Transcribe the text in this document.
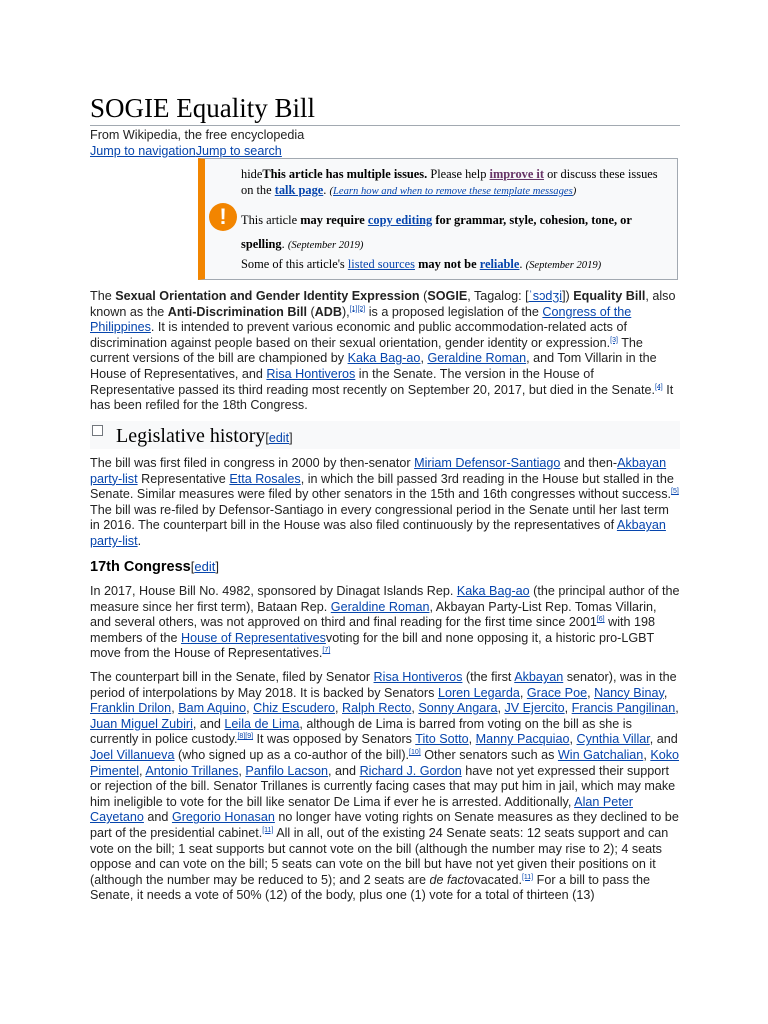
SOGIE Equality Bill
From Wikipedia, the free encyclopedia
Jump to navigationJump to search
!
hideThis article has multiple issues. Please help improve it or discuss these issues on the talk page. (Learn how and when to remove these template messages)
This article may require copy editing for grammar, style, cohesion, tone, or spelling. (September 2019)
Some of this article's listed sources may not be reliable. (September 2019)

The Sexual Orientation and Gender Identity Expression (SOGIE, Tagalog: [ˈsɔdʒi]) Equality Bill, also known as the Anti-Discrimination Bill (ADB),[1][2] is a proposed legislation of the Congress of the Philippines. It is intended to prevent various economic and public accommodation-related acts of discrimination against people based on their sexual orientation, gender identity or expression.[3] The current versions of the bill are championed by Kaka Bag-ao, Geraldine Roman, and Tom Villarin in the House of Representatives, and Risa Hontiveros in the Senate. The version in the House of Representative passed its third reading most recently on September 20, 2017, but died in the Senate.[4] It has been refiled for the 18th Congress.

Legislative history[edit]

The bill was first filed in congress in 2000 by then-senator Miriam Defensor-Santiago and then-Akbayan party-list Representative Etta Rosales, in which the bill passed 3rd reading in the House but stalled in the Senate. Similar measures were filed by other senators in the 15th and 16th congresses without success.[5] The bill was re-filed by Defensor-Santiago in every congressional period in the Senate until her last term in 2016. The counterpart bill in the House was also filed continuously by the representatives of Akbayan party-list.

17th Congress[edit]

In 2017, House Bill No. 4982, sponsored by Dinagat Islands Rep. Kaka Bag-ao (the principal author of the measure since her first term), Bataan Rep. Geraldine Roman, Akbayan Party-List Rep. Tomas Villarin, and several others, was not approved on third and final reading for the first time since 2001[6] with 198 members of the House of Representativesvoting for the bill and none opposing it, a historic pro-LGBT move from the House of Representatives.[7]

The counterpart bill in the Senate, filed by Senator Risa Hontiveros (the first Akbayan senator), was in the period of interpolations by May 2018. It is backed by Senators Loren Legarda, Grace Poe, Nancy Binay, Franklin Drilon, Bam Aquino, Chiz Escudero, Ralph Recto, Sonny Angara, JV Ejercito, Francis Pangilinan, Juan Miguel Zubiri, and Leila de Lima, although de Lima is barred from voting on the bill as she is currently in police custody.[8][9] It was opposed by Senators Tito Sotto, Manny Pacquiao, Cynthia Villar, and Joel Villanueva (who signed up as a co-author of the bill).[10] Other senators such as Win Gatchalian, Koko Pimentel, Antonio Trillanes, Panfilo Lacson, and Richard J. Gordon have not yet expressed their support or rejection of the bill. Senator Trillanes is currently facing cases that may put him in jail, which may make him ineligible to vote for the bill like senator De Lima if ever he is arrested. Additionally, Alan Peter Cayetano and Gregorio Honasan no longer have voting rights on Senate measures as they declined to be part of the presidential cabinet.[11] All in all, out of the existing 24 Senate seats: 12 seats support and can vote on the bill; 1 seat supports but cannot vote on the bill (although the number may rise to 2); 4 seats oppose and can vote on the bill; 5 seats can vote on the bill but have not yet given their positions on it (although the number may be reduced to 5); and 2 seats are de factovacated.[11] For a bill to pass the Senate, it needs a vote of 50% (12) of the body, plus one (1) vote for a total of thirteen (13)
